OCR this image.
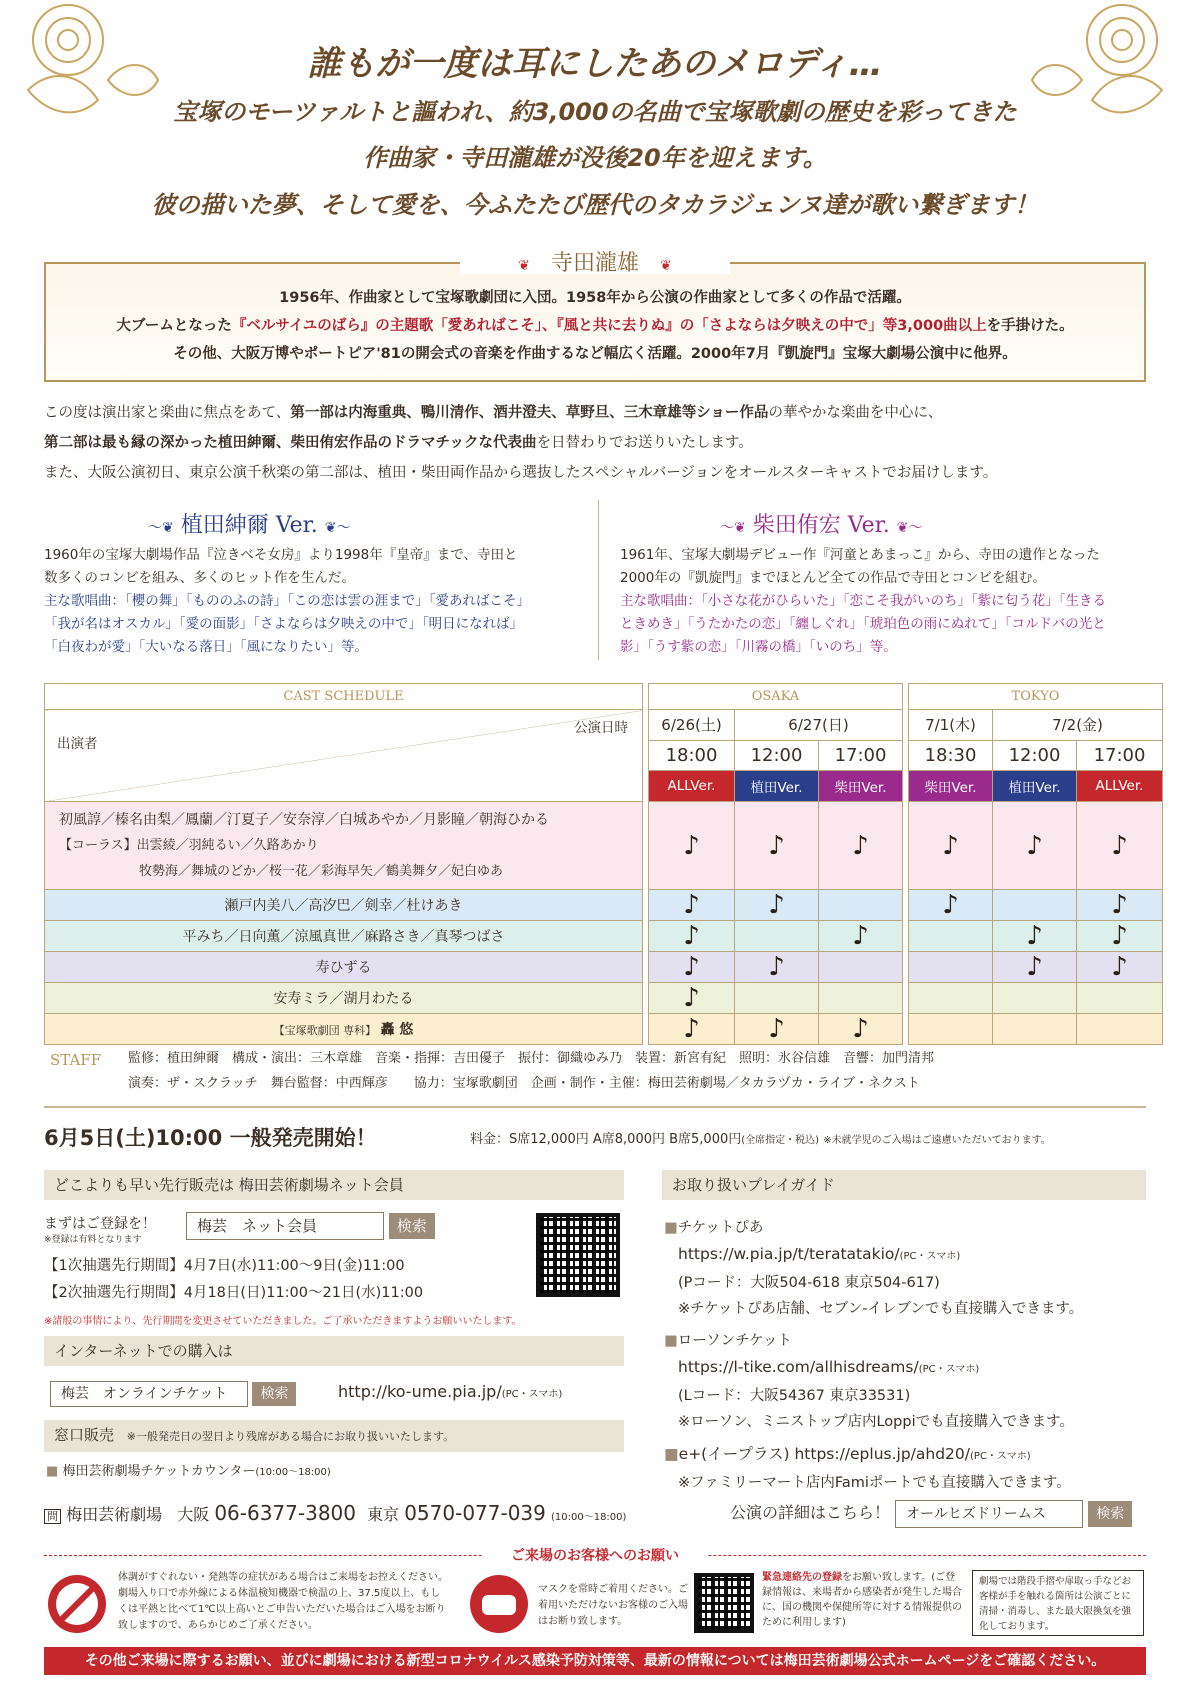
誰もが一度は耳にしたあのメロディ…
宝塚のモーツァルトと謳われ、約3,000の名曲で宝塚歌劇の歴史を彩ってきた
作曲家・寺田瀧雄が没後20年を迎えます。
彼の描いた夢、そして愛を、今ふたたび歴代のタカラジェンヌ達が歌い繋ぎます！

1956年、作曲家として宝塚歌劇団に入団。1958年から公演の作曲家として多くの作品で活躍。

大ブームとなった『ベルサイユのばら』の主題歌「愛あればこそ」、『風と共に去りぬ』の「さよならは夕映えの中で」等3,000曲以上を手掛けた。

その他、大阪万博やポートピア'81の開会式の音楽を作曲するなど幅広く活躍。2000年7月『凱旋門』宝塚大劇場公演中に他界。

❦ 寺田瀧雄 ❦
この度は演出家と楽曲に焦点をあて、第一部は内海重典、鴨川清作、酒井澄夫、草野旦、三木章雄等ショー作品の華やかな楽曲を中心に、
第二部は最も縁の深かった植田紳爾、柴田侑宏作品のドラマチックな代表曲を日替わりでお送りいたします。
また、大阪公演初日、東京公演千秋楽の第二部は、植田・柴田両作品から選抜したスペシャルバージョンをオールスターキャストでお届けします。
〜❦ 植田紳爾 Ver. ❦〜
1960年の宝塚大劇場作品『泣きべそ女房』より1998年『皇帝』まで、寺田と
数多くのコンビを組み、多くのヒット作を生んだ。
主な歌唱曲：「櫻の舞」「もののふの詩」「この恋は雲の涯まで」「愛あればこそ」
「我が名はオスカル」「愛の面影」「さよならは夕映えの中で」「明日になれば」
「白夜わが愛」「大いなる落日」「風になりたい」等。
〜❦ 柴田侑宏 Ver. ❦〜
1961年、宝塚大劇場デビュー作『河童とあまっこ』から、寺田の遺作となった
2000年の『凱旋門』までほとんど全ての作品で寺田とコンビを組む。
主な歌唱曲：「小さな花がひらいた」「恋こそ我がいのち」「紫に匂う花」「生きる
ときめき」「うたかたの恋」「纏しぐれ」「琥珀色の雨にぬれて」「コルドバの光と
影」「うす紫の恋」「川霧の橋」「いのち」等。
CAST SCHEDULE		OSAKA				TOKYO		

公演日時
出演者		6/26(土)	6/27(日)			7/1(木)	7/2(金)	
		18:00	12:00	17:00		18:30	12:00	17:00
		ALLVer.	植田Ver.	柴田Ver.		柴田Ver.	植田Ver.	ALLVer.

初風諄／榛名由梨／鳳蘭／汀夏子／安奈淳／白城あやか／月影瞳／朝海ひかる
【コーラス】出雲綾／羽純るい／久路あかり
牧勢海／舞城のどか／桜一花／彩海早矢／鶴美舞夕／妃白ゆあ		♪	♪	♪		♪	♪	♪
瀬戸内美八／高汐巴／剣幸／杜けあき		♪	♪			♪		♪
平みち／日向薫／涼風真世／麻路さき／真琴つばさ		♪		♪			♪	♪
寿ひずる		♪	♪				♪	♪
安寿ミラ／湖月わたる		♪						
【宝塚歌劇団 専科】 轟 悠		♪	♪	♪				
STAFF 監修：植田紳爾　構成・演出：三木章雄　音楽・指揮：吉田優子　振付：御織ゆみ乃　装置：新宮有紀　照明：氷谷信雄　音響：加門清邦
演奏：ザ・スクラッチ　舞台監督：中西輝彦　　協力：宝塚歌劇団　企画・制作・主催：梅田芸術劇場／タカラヅカ・ライブ・ネクスト
6月5日(土)10:00 一般発売開始！	料金：S席12,000円 A席8,000円 B席5,000円(全席指定・税込) ※未就学児のご入場はご遠慮いただいております。
どこよりも早い先行販売は 梅田芸術劇場ネット会員
まずはご登録を！
※登録は有料となります
梅芸　ネット会員	検索
【1次抽選先行期間】4月7日(水)11:00〜9日(金)11:00
【2次抽選先行期間】4月18日(日)11:00〜21日(水)11:00
※諸般の事情により、先行期間を変更させていただきました。ご了承いただきますようお願いいたします。
インターネットでの購入は
梅芸　オンラインチケット 検索	http://ko-ume.pia.jp/(PC・スマホ)
窓口販売 ※一般発売日の翌日より残席がある場合にお取り扱いいたします。
■ 梅田芸術劇場チケットカウンター(10:00〜18:00)
お取り扱いプレイガイド
■チケットぴあ
https://w.pia.jp/t/teratatakio/(PC・スマホ)
(Pコード：大阪504-618 東京504-617)
※チケットぴあ店舗、セブン-イレブンでも直接購入できます。
■ローソンチケット
https://l-tike.com/allhisdreams/(PC・スマホ)
(Lコード：大阪54367 東京33531)
※ローソン、ミニストップ店内Loppiでも直接購入できます。
■e+(イープラス) https://eplus.jp/ahd20/(PC・スマホ)
※ファミリーマート店内Famiポートでも直接購入できます。
問 梅田芸術劇場 大阪 06-6377-3800 東京 0570-077-039 (10:00〜18:00)	公演の詳細はこちら！ オールヒズドリームス	検索
ご来場のお客様へのお願い
体調がすぐれない・発熱等の症状がある場合はご来場をお控えください。劇場入り口で赤外線による体温検知機器で検温の上、37.5度以上、もしくは平熱と比べて1℃以上高いとご申告いただいた場合はご入場をお断り致しますので、あらかじめご了承ください。
マスクを常時ご着用ください。ご着用いただけないお客様のご入場はお断り致します。
緊急連絡先の登録をお願い致します。(ご登録情報は、来場者から感染者が発生した場合に、国の機関や保健所等に対する情報提供のために利用します)
劇場では階段手摺や扉取っ手などお客様が手を触れる箇所は公演ごとに清掃・消毒し、また最大限換気を強化しております。
その他ご来場に際するお願い、並びに劇場における新型コロナウイルス感染予防対策等、最新の情報については梅田芸術劇場公式ホームページをご確認ください。
